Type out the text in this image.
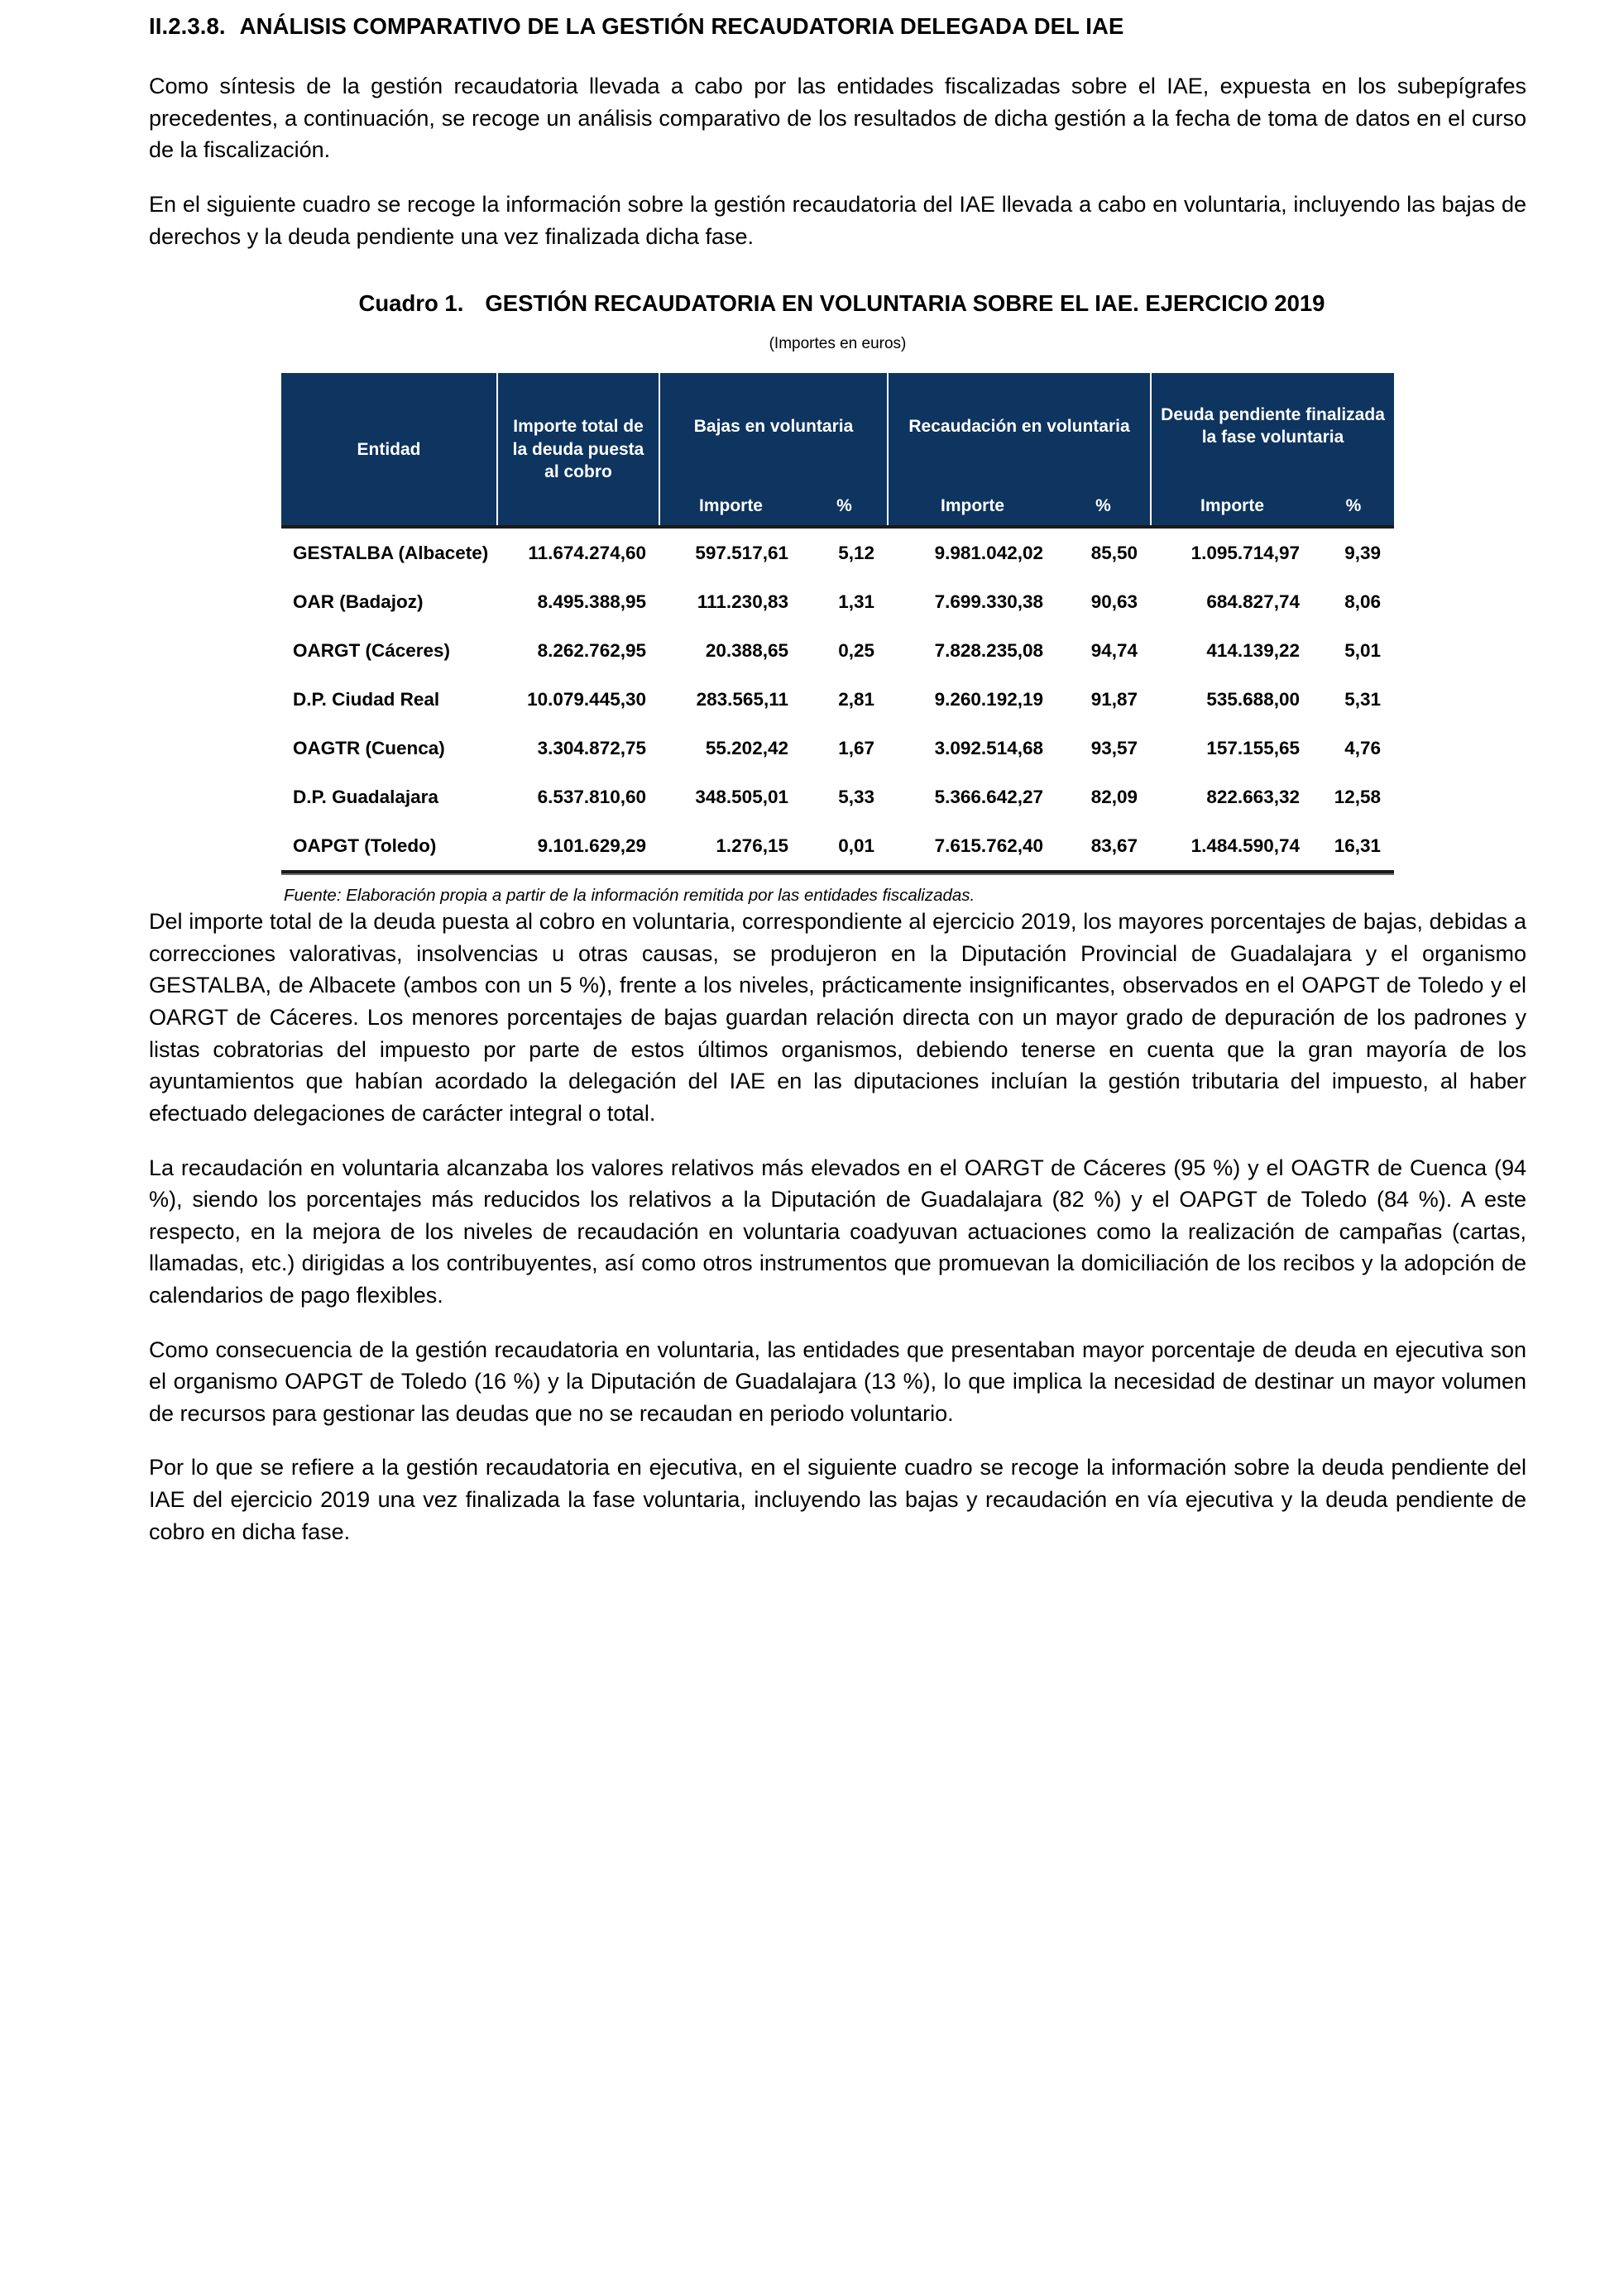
II.2.3.8. ANÁLISIS COMPARATIVO DE LA GESTIÓN RECAUDATORIA DELEGADA DEL IAE

Como síntesis de la gestión recaudatoria llevada a cabo por las entidades fiscalizadas sobre el IAE, expuesta en los subepígrafes precedentes, a continuación, se recoge un análisis comparativo de los resultados de dicha gestión a la fecha de toma de datos en el curso de la fiscalización.

En el siguiente cuadro se recoge la información sobre la gestión recaudatoria del IAE llevada a cabo en voluntaria, incluyendo las bajas de derechos y la deuda pendiente una vez finalizada dicha fase.

Cuadro 1. GESTIÓN RECAUDATORIA EN VOLUNTARIA SOBRE EL IAE. EJERCICIO 2019
(Importes en euros)
Entidad	Importe total de la deuda puesta al cobro	Bajas en voluntaria		Recaudación en voluntaria		Deuda pendiente finalizada la fase voluntaria	
		Importe	%	Importe	%	Importe	%
GESTALBA (Albacete)	11.674.274,60	597.517,61	5,12	9.981.042,02	85,50	1.095.714,97	9,39
OAR (Badajoz)	8.495.388,95	111.230,83	1,31	7.699.330,38	90,63	684.827,74	8,06
OARGT (Cáceres)	8.262.762,95	20.388,65	0,25	7.828.235,08	94,74	414.139,22	5,01
D.P. Ciudad Real	10.079.445,30	283.565,11	2,81	9.260.192,19	91,87	535.688,00	5,31
OAGTR (Cuenca)	3.304.872,75	55.202,42	1,67	3.092.514,68	93,57	157.155,65	4,76
D.P. Guadalajara	6.537.810,60	348.505,01	5,33	5.366.642,27	82,09	822.663,32	12,58
OAPGT (Toledo)	9.101.629,29	1.276,15	0,01	7.615.762,40	83,67	1.484.590,74	16,31
Fuente: Elaboración propia a partir de la información remitida por las entidades fiscalizadas.

Del importe total de la deuda puesta al cobro en voluntaria, correspondiente al ejercicio 2019, los mayores porcentajes de bajas, debidas a correcciones valorativas, insolvencias u otras causas, se produjeron en la Diputación Provincial de Guadalajara y el organismo GESTALBA, de Albacete (ambos con un 5 %), frente a los niveles, prácticamente insignificantes, observados en el OAPGT de Toledo y el OARGT de Cáceres. Los menores porcentajes de bajas guardan relación directa con un mayor grado de depuración de los padrones y listas cobratorias del impuesto por parte de estos últimos organismos, debiendo tenerse en cuenta que la gran mayoría de los ayuntamientos que habían acordado la delegación del IAE en las diputaciones incluían la gestión tributaria del impuesto, al haber efectuado delegaciones de carácter integral o total.

La recaudación en voluntaria alcanzaba los valores relativos más elevados en el OARGT de Cáceres (95 %) y el OAGTR de Cuenca (94 %), siendo los porcentajes más reducidos los relativos a la Diputación de Guadalajara (82 %) y el OAPGT de Toledo (84 %). A este respecto, en la mejora de los niveles de recaudación en voluntaria coadyuvan actuaciones como la realización de campañas (cartas, llamadas, etc.) dirigidas a los contribuyentes, así como otros instrumentos que promuevan la domiciliación de los recibos y la adopción de calendarios de pago flexibles.

Como consecuencia de la gestión recaudatoria en voluntaria, las entidades que presentaban mayor porcentaje de deuda en ejecutiva son el organismo OAPGT de Toledo (16 %) y la Diputación de Guadalajara (13 %), lo que implica la necesidad de destinar un mayor volumen de recursos para gestionar las deudas que no se recaudan en periodo voluntario.

Por lo que se refiere a la gestión recaudatoria en ejecutiva, en el siguiente cuadro se recoge la información sobre la deuda pendiente del IAE del ejercicio 2019 una vez finalizada la fase voluntaria, incluyendo las bajas y recaudación en vía ejecutiva y la deuda pendiente de cobro en dicha fase.
